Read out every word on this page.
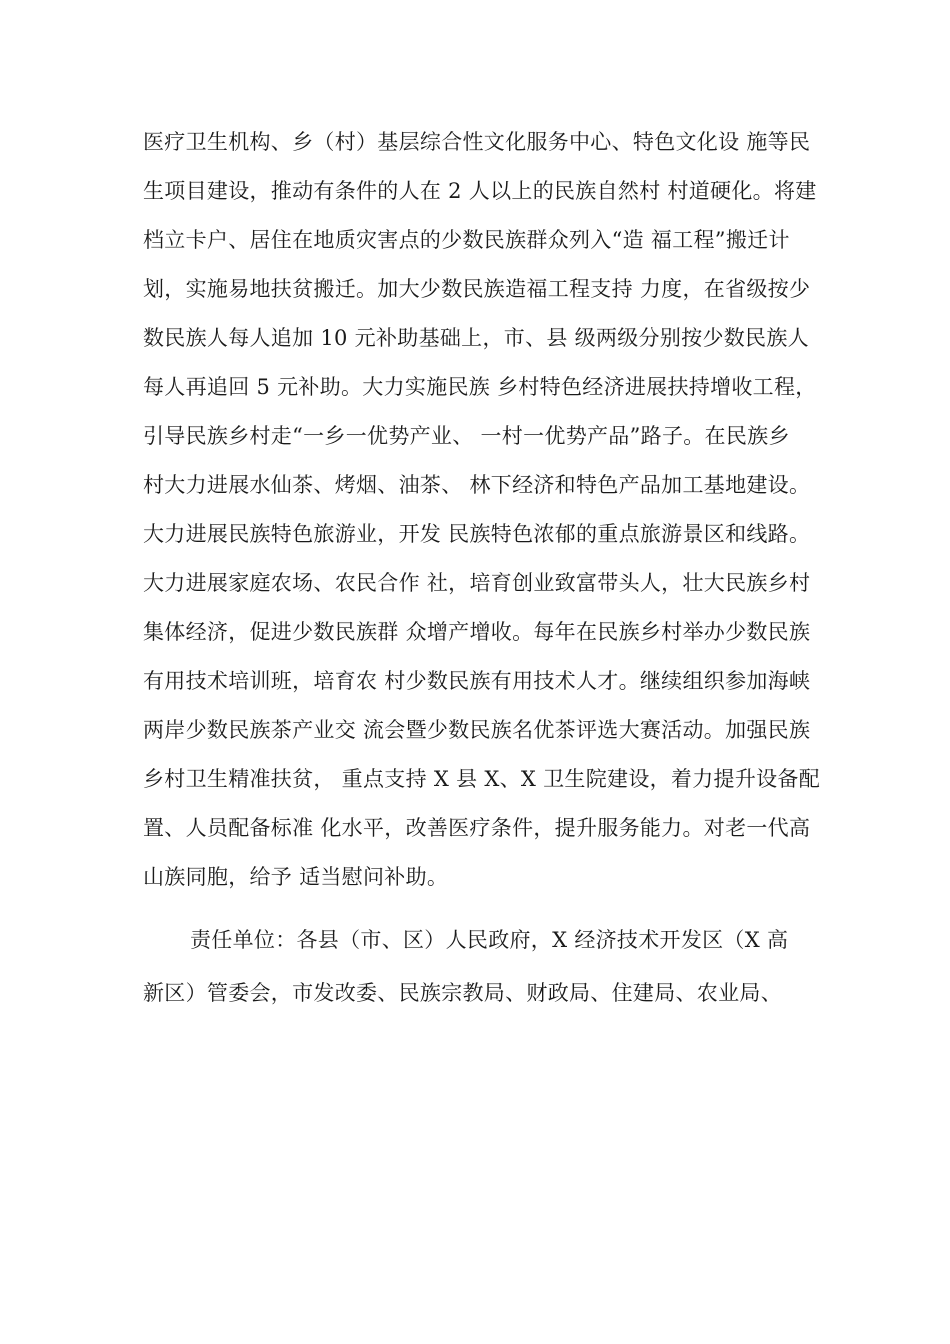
医疗卫生机构、乡（村）基层综合性文化服务中心、特色文化设 施等民
生项目建设，推动有条件的人在 2 人以上的民族自然村 村道硬化。将建
档立卡户、居住在地质灾害点的少数民族群众列入“造 福工程”搬迁计
划，实施易地扶贫搬迁。加大少数民族造福工程支持 力度，在省级按少
数民族人每人追加 10 元补助基础上，市、县 级两级分别按少数民族人
每人再追回 5 元补助。大力实施民族 乡村特色经济进展扶持增收工程，
引导民族乡村走“一乡一优势产业、 一村一优势产品”路子。在民族乡
村大力进展水仙茶、烤烟、油茶、 林下经济和特色产品加工基地建设。
大力进展民族特色旅游业，开发 民族特色浓郁的重点旅游景区和线路。
大力进展家庭农场、农民合作 社，培育创业致富带头人，壮大民族乡村
集体经济，促进少数民族群 众增产增收。每年在民族乡村举办少数民族
有用技术培训班，培育农 村少数民族有用技术人才。继续组织参加海峡
两岸少数民族茶产业交 流会暨少数民族名优茶评选大赛活动。加强民族
乡村卫生精准扶贫， 重点支持 X 县 X、X 卫生院建设，着力提升设备配
置、人员配备标准 化水平，改善医疗条件，提升服务能力。对老一代高
山族同胞，给予 适当慰问补助。
责任单位：各县（市、区）人民政府，X 经济技术开发区（X 高
新区）管委会，市发改委、民族宗教局、财政局、住建局、农业局、
